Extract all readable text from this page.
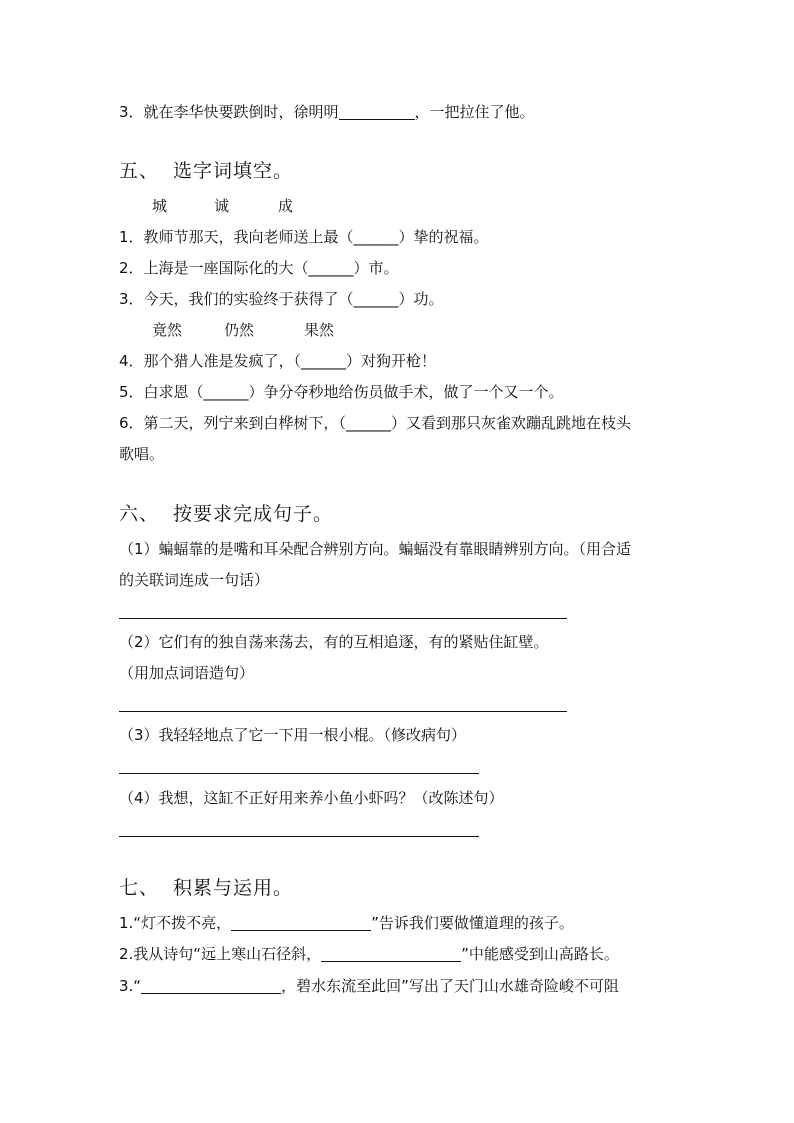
3．就在李华快要跌倒时，徐明明	，一把拉住了他。
五、 选字词填空。
城	诚	成
1．教师节那天，我向老师送上最（______）挚的祝福。
2．上海是一座国际化的大（______）市。
3．今天，我们的实验终于获得了（______）功。
竟然	仍然	果然
4．那个猎人准是发疯了，（______）对狗开枪！
5．白求恩（______）争分夺秒地给伤员做手术，做了一个又一个。
6．第二天，列宁来到白桦树下，（______）又看到那只灰雀欢蹦乱跳地在枝头
歌唱。
六、 按要求完成句子。
（1）蝙蝠靠的是嘴和耳朵配合辨别方向。蝙蝠没有靠眼睛辨别方向。（用合适
的关联词连成一句话）
（2）它们有的独自荡来荡去，有的互相追逐，有的紧贴住缸壁。
（用加点词语造句）
（3）我轻轻地点了它一下用一根小棍。（修改病句）
（4）我想，这缸不正好用来养小鱼小虾吗？（改陈述句）
七、 积累与运用。
1.“灯不拨不亮，	”告诉我们要做懂道理的孩子。
2.我从诗句“远上寒山石径斜，	”中能感受到山高路长。
3.“	，碧水东流至此回”写出了天门山水雄奇险峻不可阻
